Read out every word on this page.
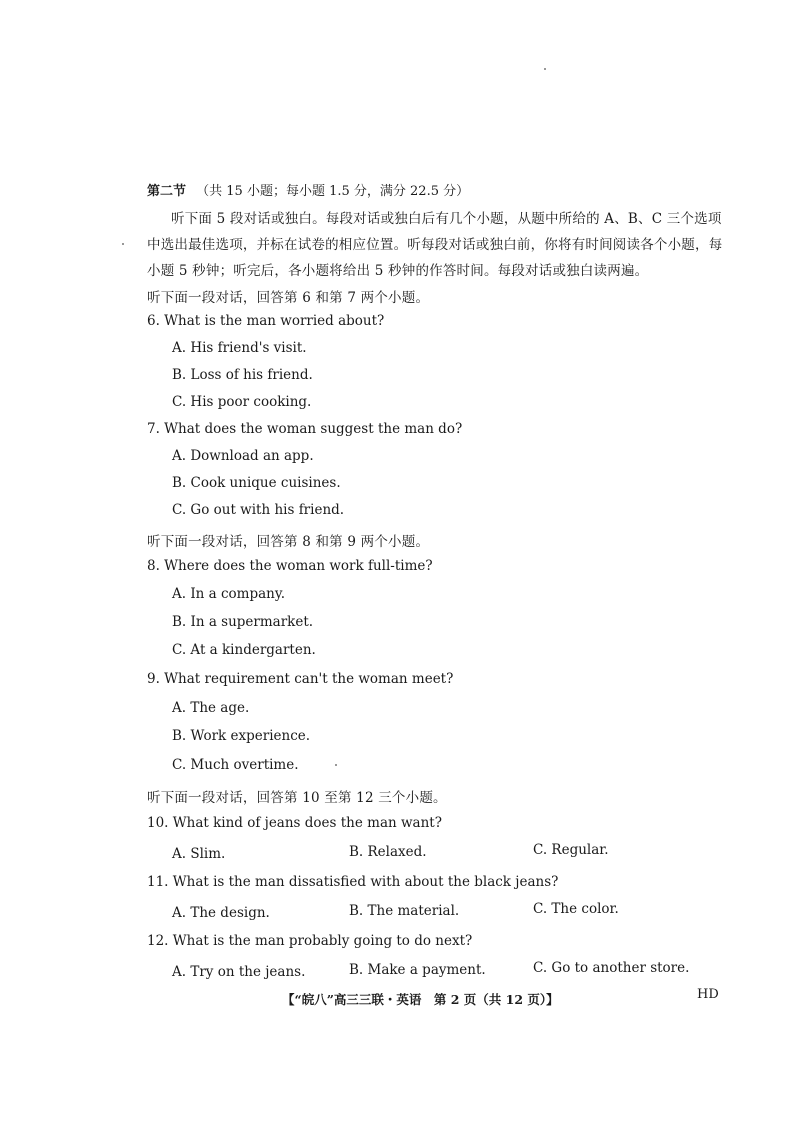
第二节 （共 15 小题；每小题 1.5 分，满分 22.5 分）
听下面 5 段对话或独白。每段对话或独白后有几个小题，从题中所给的 A、B、C 三个选项
中选出最佳选项，并标在试卷的相应位置。听每段对话或独白前，你将有时间阅读各个小题，每
小题 5 秒钟；听完后，各小题将给出 5 秒钟的作答时间。每段对话或独白读两遍。
听下面一段对话，回答第 6 和第 7 两个小题。
6. What is the man worried about?
A. His friend's visit.
B. Loss of his friend.
C. His poor cooking.
7. What does the woman suggest the man do?
A. Download an app.
B. Cook unique cuisines.
C. Go out with his friend.
听下面一段对话，回答第 8 和第 9 两个小题。
8. Where does the woman work full-time?
A. In a company.
B. In a supermarket.
C. At a kindergarten.
9. What requirement can't the woman meet?
A. The age.
B. Work experience.
C. Much overtime.
听下面一段对话，回答第 10 至第 12 三个小题。
10. What kind of jeans does the man want?
A. Slim.	B. Relaxed.	C. Regular.
11. What is the man dissatisfied with about the black jeans?
A. The design.	B. The material.	C. The color.
12. What is the man probably going to do next?
A. Try on the jeans.	B. Make a payment.	C. Go to another store.
【“皖八”高三三联・英语　第 2 页（共 12 页）】	HD
